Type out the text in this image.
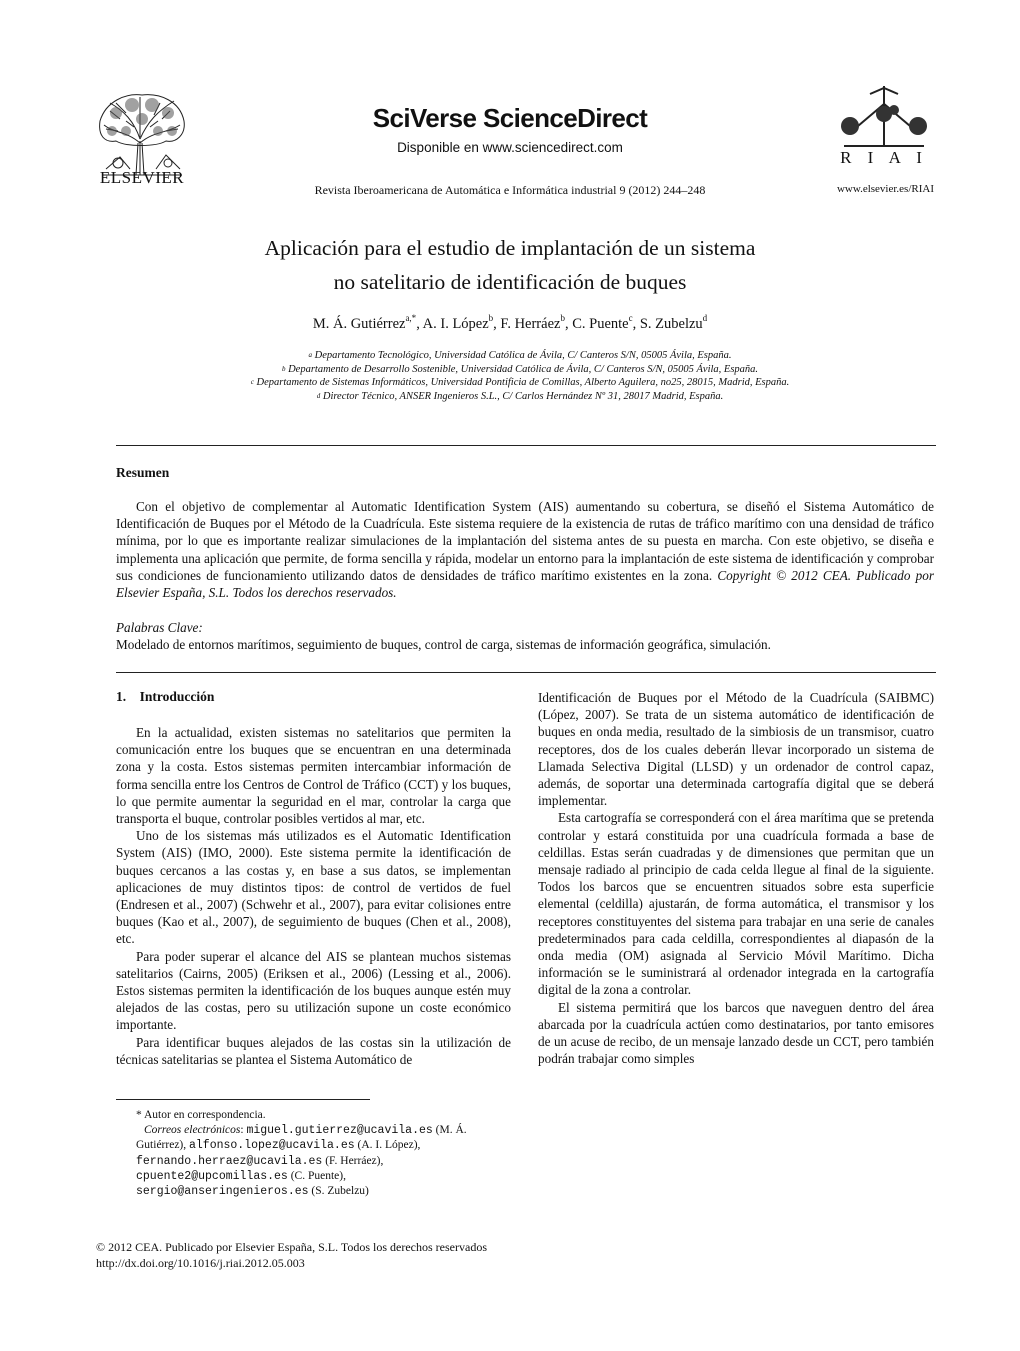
ELSEVIER
SciVerse ScienceDirect
Disponible en www.sciencedirect.com
R I A I
Revista Iberoamericana de Automática e Informática industrial 9 (2012) 244–248	www.elsevier.es/RIAI
Aplicación para el estudio de implantación de un sistema
no satelitario de identificación de buques
M. Á. Gutiérrez$^{a,*}$, A. I. López$^b$, F. Herráez$^b$, C. Puente$^c$, S. Zubelzu$^d$
$^a$ Departamento Tecnológico, Universidad Católica de Ávila, C/ Canteros S/N, 05005 Ávila, España.
$^b$ Departamento de Desarrollo Sostenible, Universidad Católica de Ávila, C/ Canteros S/N, 05005 Ávila, España.
$^c$ Departamento de Sistemas Informáticos, Universidad Pontificia de Comillas, Alberto Aguilera, no25, 28015, Madrid, España.
$^d$ Director Técnico, ANSER Ingenieros S.L., C/ Carlos Hernández Nº 31, 28017 Madrid, España.
Resumen
Con el objetivo de complementar al Automatic Identification System (AIS) aumentando su cobertura, se diseñó el Sistema Automático de Identificación de Buques por el Método de la Cuadrícula. Este sistema requiere de la existencia de rutas de tráfico marítimo con una densidad de tráfico mínima, por lo que es importante realizar simulaciones de la implantación del sistema antes de su puesta en marcha. Con este objetivo, se diseña e implementa una aplicación que permite, de forma sencilla y rápida, modelar un entorno para la implantación de este sistema de identificación y comprobar sus condiciones de funcionamiento utilizando datos de densidades de tráfico marítimo existentes en la zona. Copyright © 2012 CEA. Publicado por Elsevier España, S.L. Todos los derechos reservados.
Palabras Clave:
Modelado de entornos marítimos, seguimiento de buques, control de carga, sistemas de información geográfica, simulación.
1.    Introducción

En la actualidad, existen sistemas no satelitarios que permiten la comunicación entre los buques que se encuentran en una determinada zona y la costa. Estos sistemas permiten intercambiar información de forma sencilla entre los Centros de Control de Tráfico (CCT) y los buques, lo que permite aumentar la seguridad en el mar, controlar la carga que transporta el buque, controlar posibles vertidos al mar, etc.

Uno de los sistemas más utilizados es el Automatic Identification System (AIS) (IMO, 2000). Este sistema permite la identificación de buques cercanos a las costas y, en base a sus datos, se implementan aplicaciones de muy distintos tipos: de control de vertidos de fuel (Endresen et al., 2007) (Schwehr et al., 2007), para evitar colisiones entre buques (Kao et al., 2007), de seguimiento de buques (Chen et al., 2008), etc.

Para poder superar el alcance del AIS se plantean muchos sistemas satelitarios (Cairns, 2005) (Eriksen et al., 2006) (Lessing et al., 2006). Estos sistemas permiten la identificación de los buques aunque estén muy alejados de las costas, pero su utilización supone un coste económico importante.

Para identificar buques alejados de las costas sin la utilización de técnicas satelitarias se plantea el Sistema Automático de

Identificación de Buques por el Método de la Cuadrícula (SAIBMC) (López, 2007). Se trata de un sistema automático de identificación de buques en onda media, resultado de la simbiosis de un transmisor, cuatro receptores, dos de los cuales deberán llevar incorporado un sistema de Llamada Selectiva Digital (LLSD) y un ordenador de control capaz, además, de soportar una determinada cartografía digital que se deberá implementar.

Esta cartografía se corresponderá con el área marítima que se pretenda controlar y estará constituida por una cuadrícula formada a base de celdillas. Estas serán cuadradas y de dimensiones que permitan que un mensaje radiado al principio de cada celda llegue al final de la siguiente. Todos los barcos que se encuentren situados sobre esta superficie elemental (celdilla) ajustarán, de forma automática, el transmisor y los receptores constituyentes del sistema para trabajar en una serie de canales predeterminados para cada celdilla, correspondientes al diapasón de la onda media (OM) asignada al Servicio Móvil Marítimo. Dicha información se le suministrará al ordenador integrada en la cartografía digital de la zona a controlar.

El sistema permitirá que los barcos que naveguen dentro del área abarcada por la cuadrícula actúen como destinatarios, por tanto emisores de un acuse de recibo, de un mensaje lanzado desde un CCT, pero también podrán trabajar como simples

* Autor en correspondencia.
Correos electrónicos: miguel.gutierrez@ucavila.es (M. Á. Gutiérrez), alfonso.lopez@ucavila.es (A. I. López), fernando.herraez@ucavila.es (F. Herráez), cpuente2@upcomillas.es (C. Puente), sergio@anseringenieros.es (S. Zubelzu)
© 2012 CEA. Publicado por Elsevier España, S.L. Todos los derechos reservados
http://dx.doi.org/10.1016/j.riai.2012.05.003
